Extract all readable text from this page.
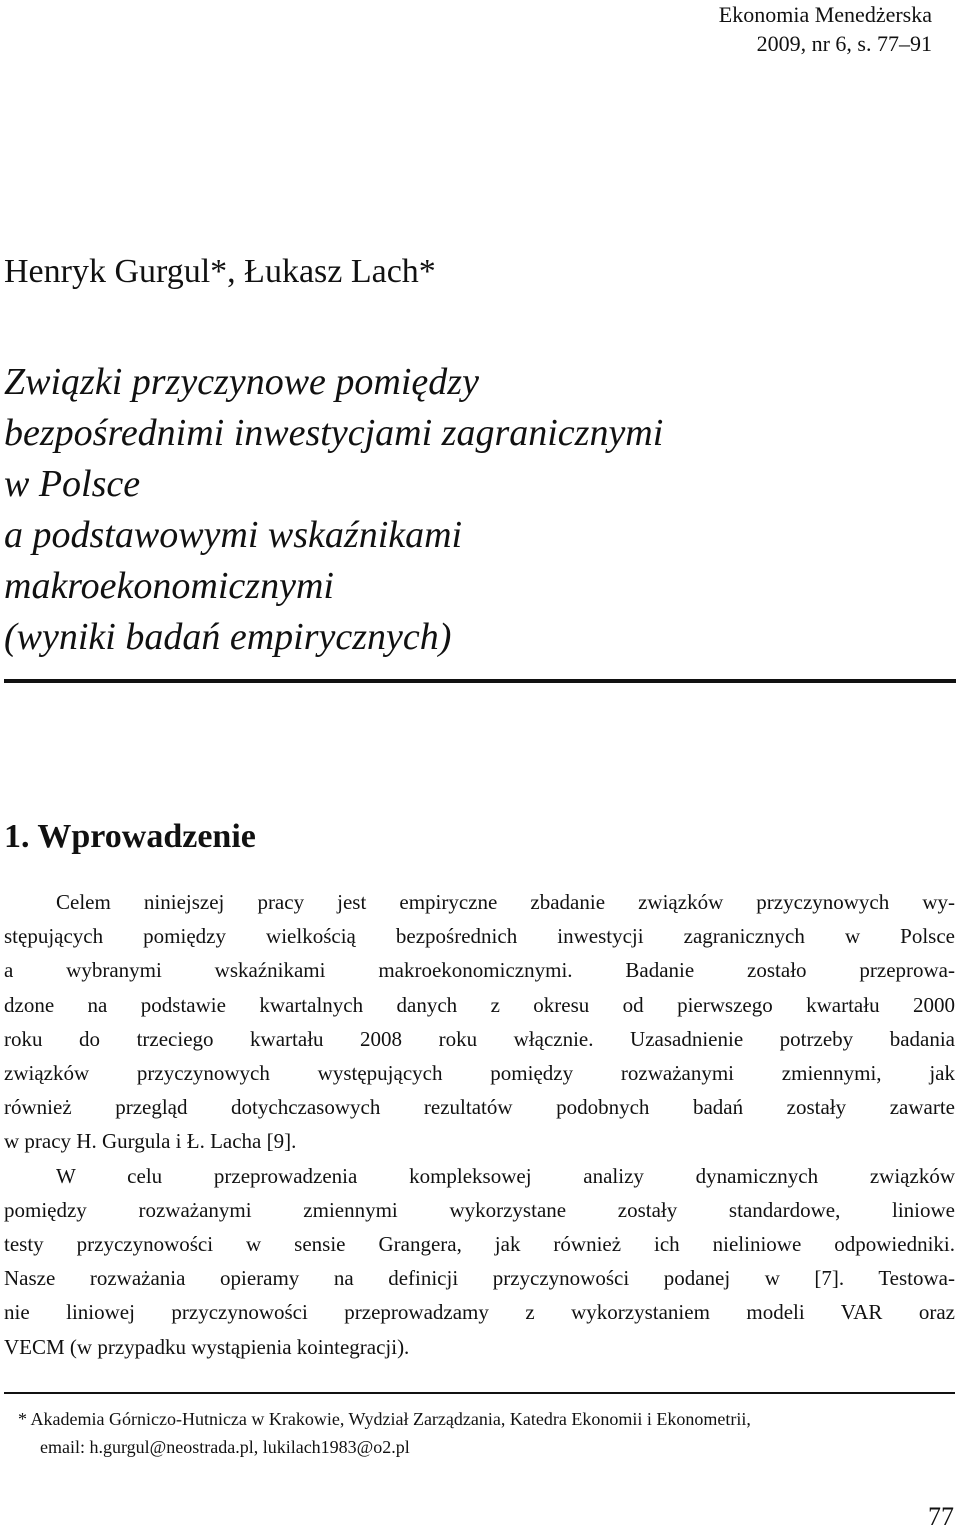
Ekonomia Menedżerska
2009, nr 6, s. 77–91
Henryk Gurgul*, Łukasz Lach*
Związki przyczynowe pomiędzy
bezpośrednimi inwestycjami zagranicznymi
w Polsce
a podstawowymi wskaźnikami
makroekonomicznymi
(wyniki badań empirycznych)
1. Wprowadzenie

Celem niniejszej pracy jest empiryczne zbadanie związków przyczynowych wy-
stępujących pomiędzy wielkością bezpośrednich inwestycji zagranicznych w Polsce
a wybranymi wskaźnikami makroekonomicznymi. Badanie zostało przeprowa-
dzone na podstawie kwartalnych danych z okresu od pierwszego kwartału 2000
roku do trzeciego kwartału 2008 roku włącznie. Uzasadnienie potrzeby badania
związków przyczynowych występujących pomiędzy rozważanymi zmiennymi, jak
również przegląd dotychczasowych rezultatów podobnych badań zostały zawarte
w pracy H. Gurgula i Ł. Lacha [9].

W celu przeprowadzenia kompleksowej analizy dynamicznych związków
pomiędzy rozważanymi zmiennymi wykorzystane zostały standardowe, liniowe
testy przyczynowości w sensie Grangera, jak również ich nieliniowe odpowiedniki.
Nasze rozważania opieramy na definicji przyczynowości podanej w [7]. Testowa-
nie liniowej przyczynowości przeprowadzamy z wykorzystaniem modeli VAR oraz
VECM (w przypadku wystąpienia kointegracji).

* Akademia Górniczo-Hutnicza w Krakowie, Wydział Zarządzania, Katedra Ekonomii i Ekonometrii,
email: h.gurgul@neostrada.pl, lukilach1983@o2.pl
77
